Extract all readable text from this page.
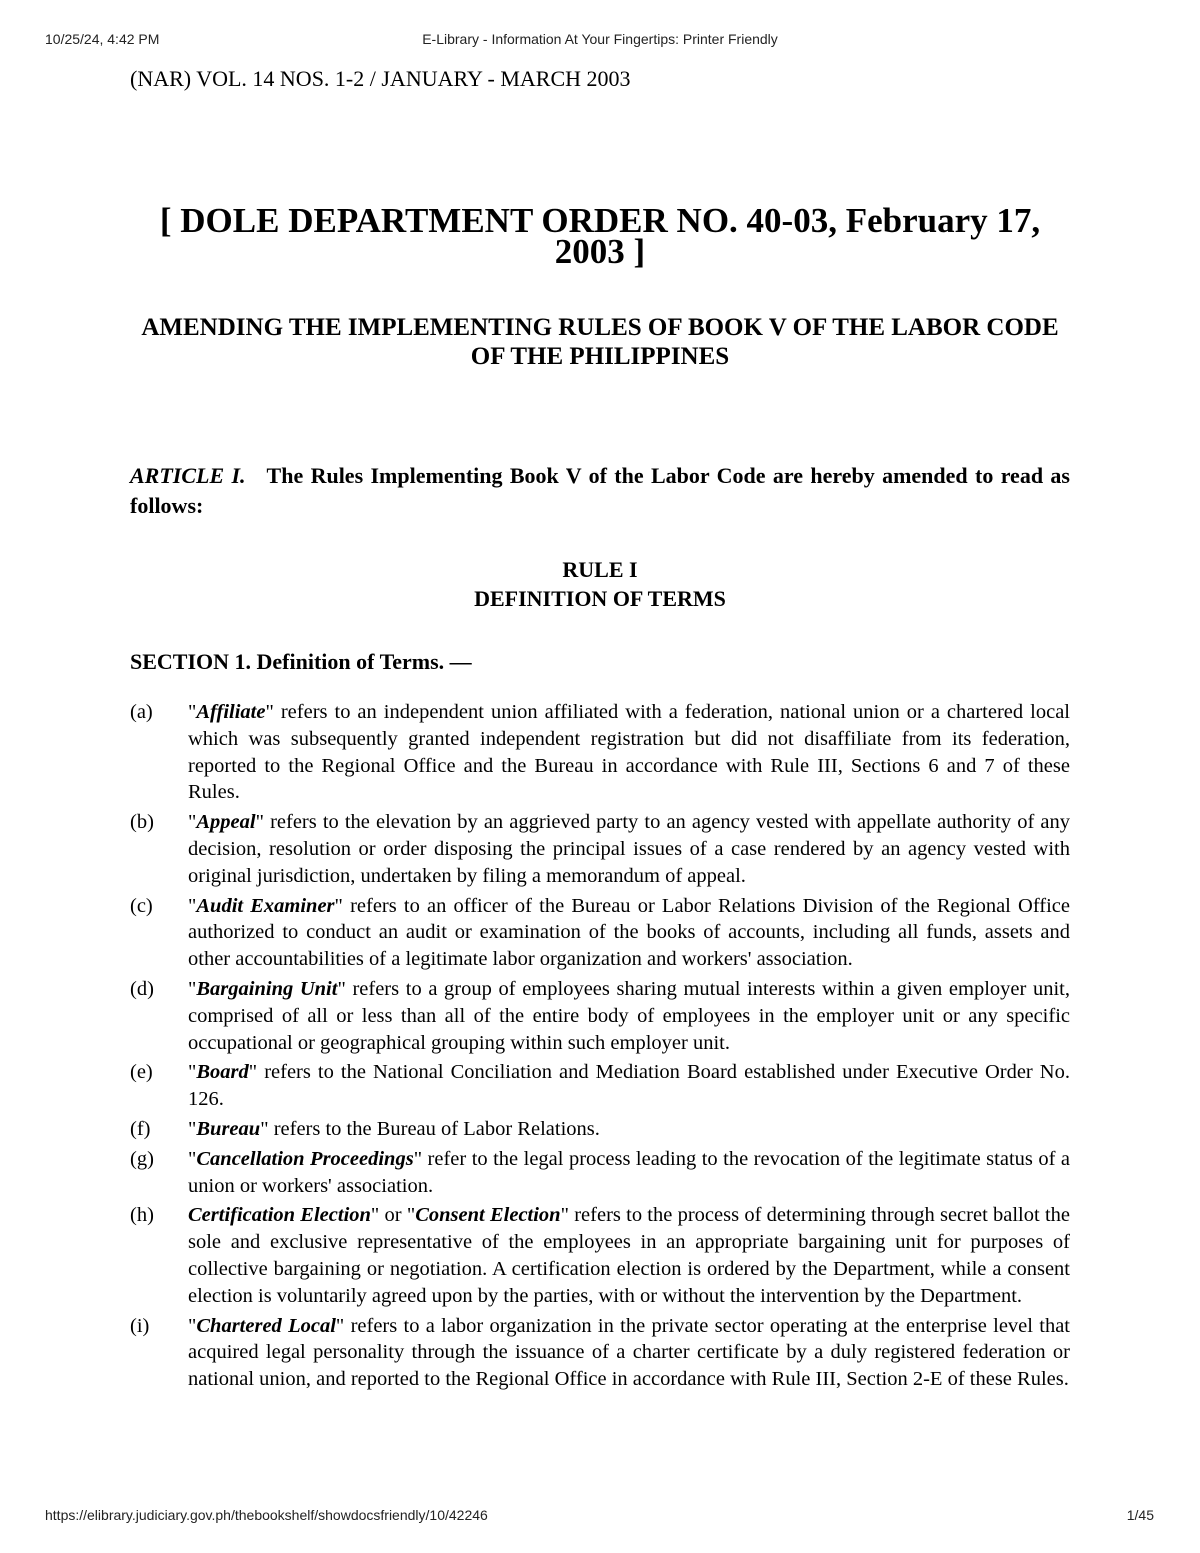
10/25/24, 4:42 PM	E-Library - Information At Your Fingertips: Printer Friendly

(NAR) VOL. 14 NOS. 1-2 / JANUARY - MARCH 2003

[ DOLE DEPARTMENT ORDER NO. 40-03, February 17, 2003 ]
AMENDING THE IMPLEMENTING RULES OF BOOK V OF THE LABOR CODE OF THE PHILIPPINES

ARTICLE I. The Rules Implementing Book V of the Labor Code are hereby amended to read as follows:

RULE I
DEFINITION OF TERMS
SECTION 1. Definition of Terms. —
(a) "Affiliate" refers to an independent union affiliated with a federation, national union or a chartered local which was subsequently granted independent registration but did not disaffiliate from its federation, reported to the Regional Office and the Bureau in accordance with Rule III, Sections 6 and 7 of these Rules.
(b) "Appeal" refers to the elevation by an aggrieved party to an agency vested with appellate authority of any decision, resolution or order disposing the principal issues of a case rendered by an agency vested with original jurisdiction, undertaken by filing a memorandum of appeal.
(c) "Audit Examiner" refers to an officer of the Bureau or Labor Relations Division of the Regional Office authorized to conduct an audit or examination of the books of accounts, including all funds, assets and other accountabilities of a legitimate labor organization and workers' association.
(d) "Bargaining Unit" refers to a group of employees sharing mutual interests within a given employer unit, comprised of all or less than all of the entire body of employees in the employer unit or any specific occupational or geographical grouping within such employer unit.
(e) "Board" refers to the National Conciliation and Mediation Board established under Executive Order No. 126.
(f) "Bureau" refers to the Bureau of Labor Relations.
(g) "Cancellation Proceedings" refer to the legal process leading to the revocation of the legitimate status of a union or workers' association.
(h) Certification Election" or "Consent Election" refers to the process of determining through secret ballot the sole and exclusive representative of the employees in an appropriate bargaining unit for purposes of collective bargaining or negotiation. A certification election is ordered by the Department, while a consent election is voluntarily agreed upon by the parties, with or without the intervention by the Department.
(i) "Chartered Local" refers to a labor organization in the private sector operating at the enterprise level that acquired legal personality through the issuance of a charter certificate by a duly registered federation or national union, and reported to the Regional Office in accordance with Rule III, Section 2-E of these Rules.
https://elibrary.judiciary.gov.ph/thebookshelf/showdocsfriendly/10/42246	1/45
